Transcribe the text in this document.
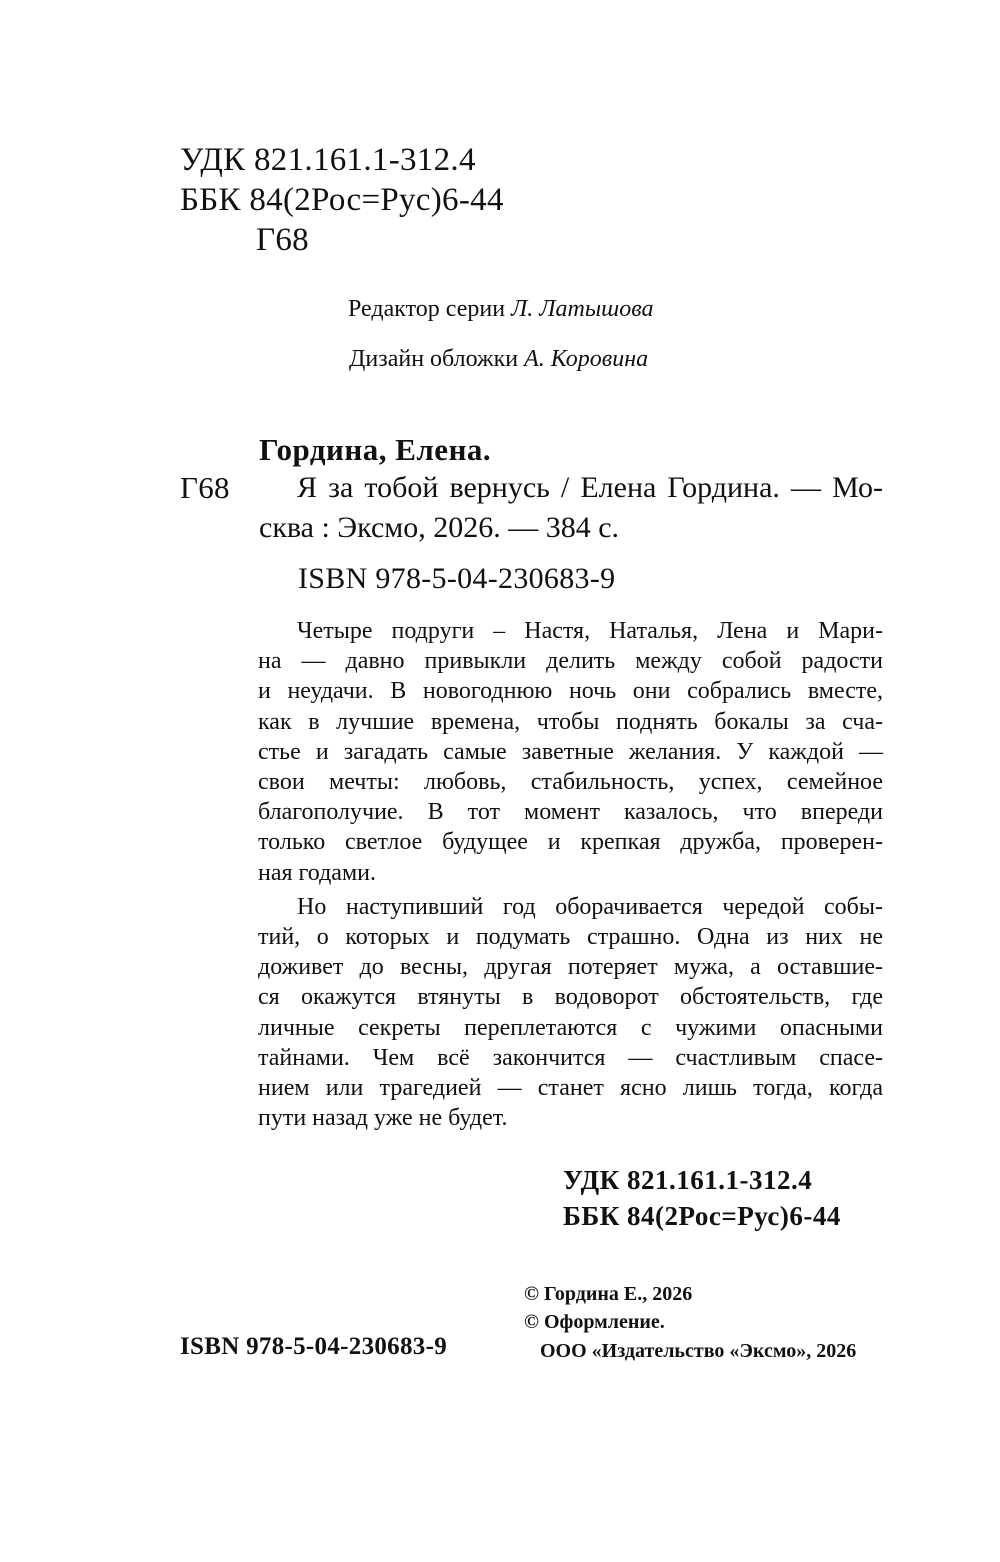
УДК 821.161.1-312.4
ББК 84(2Рос=Рус)6-44
Г68
Редактор серии Л. Латышова
Дизайн обложки А. Коровина
Гордина, Елена.
Г68 Я за тобой вернусь / Елена Гордина. — Мо-
сква : Эксмо, 2026. — 384 с.
ISBN 978-5-04-230683-9
Четыре подруги – Настя, Наталья, Лена и Мари-
на — давно привыкли делить между собой радости
и неудачи. В новогоднюю ночь они собрались вместе,
как в лучшие времена, чтобы поднять бокалы за сча-
стье и загадать самые заветные желания. У каждой —
свои мечты: любовь, стабильность, успех, семейное
благополучие. В тот момент казалось, что впереди
только светлое будущее и крепкая дружба, проверен-
ная годами.
Но наступивший год оборачивается чередой собы-
тий, о которых и подумать страшно. Одна из них не
доживет до весны, другая потеряет мужа, а оставшие-
ся окажутся втянуты в водоворот обстоятельств, где
личные секреты переплетаются с чужими опасными
тайнами. Чем всё закончится — счастливым спасе-
нием или трагедией — станет ясно лишь тогда, когда
пути назад уже не будет.
УДК 821.161.1-312.4
ББК 84(2Рос=Рус)6-44
© Гордина Е., 2026
© Оформление.
ООО «Издательство «Эксмо», 2026
ISBN 978-5-04-230683-9
